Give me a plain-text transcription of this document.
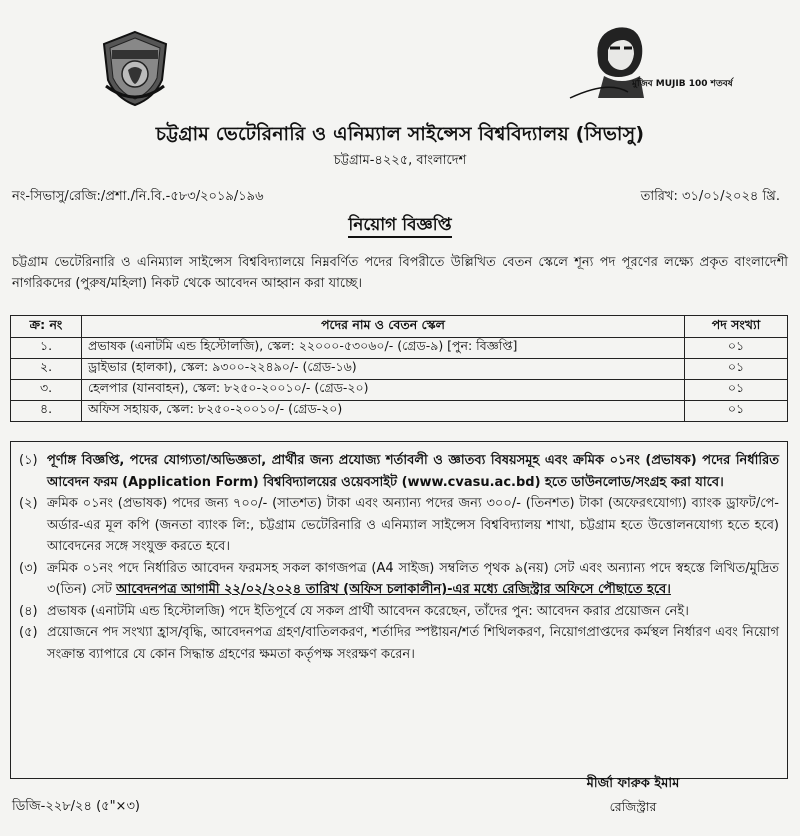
মুজিব MUJIB 100 শতবর্ষ
চট্টগ্রাম ভেটেরিনারি ও এনিম্যাল সাইন্সেস বিশ্ববিদ্যালয় (সিভাসু)
চট্টগ্রাম-৪২২৫, বাংলাদেশ
নং-সিভাসু/রেজি:/প্রশা./নি.বি.-৫৮৩/২০১৯/১৯৬	তারিখ: ৩১/০১/২০২৪ খ্রি.
নিয়োগ বিজ্ঞপ্তি
চট্টগ্রাম ভেটেরিনারি ও এনিম্যাল সাইন্সেস বিশ্ববিদ্যালয়ে নিম্নবর্ণিত পদের বিপরীতে উল্লিখিত বেতন স্কেলে শূন্য পদ পূরণের লক্ষ্যে প্রকৃত বাংলাদেশী নাগরিকদের (পুরুষ/মহিলা) নিকট থেকে আবেদন আহ্বান করা যাচ্ছে।
ক্র: নং	পদের নাম ও বেতন স্কেল	পদ সংখ্যা
১.	প্রভাষক (এনাটমি এন্ড হিস্টোলজি), স্কেল: ২২০০০-৫৩০৬০/- (গ্রেড-৯) [পুন: বিজ্ঞপ্তি]	০১
২.	ড্রাইভার (হালকা), স্কেল: ৯৩০০-২২৪৯০/- (গ্রেড-১৬)	০১
৩.	হেলপার (যানবাহন), স্কেল: ৮২৫০-২০০১০/- (গ্রেড-২০)	০১
৪.	অফিস সহায়ক, স্কেল: ৮২৫০-২০০১০/- (গ্রেড-২০)	০১
(১) পূর্ণাঙ্গ বিজ্ঞপ্তি, পদের যোগ্যতা/অভিজ্ঞতা, প্রার্থীর জন্য প্রযোজ্য শর্তাবলী ও জ্ঞাতব্য বিষয়সমূহ এবং ক্রমিক ০১নং (প্রভাষক) পদের নির্ধারিত আবেদন ফরম (Application Form) বিশ্ববিদ্যালয়ের ওয়েবসাইট (www.cvasu.ac.bd) হতে ডাউনলোড/সংগ্রহ করা যাবে।
(২) ক্রমিক ০১নং (প্রভাষক) পদের জন্য ৭০০/- (সাতশত) টাকা এবং অন্যান্য পদের জন্য ৩০০/- (তিনশত) টাকা (অফেরৎযোগ্য) ব্যাংক ড্রাফট/পে-অর্ডার-এর মূল কপি (জনতা ব্যাংক লি:, চট্টগ্রাম ভেটেরিনারি ও এনিম্যাল সাইন্সেস বিশ্ববিদ্যালয় শাখা, চট্টগ্রাম হতে উত্তোলনযোগ্য হতে হবে) আবেদনের সঙ্গে সংযুক্ত করতে হবে।
(৩) ক্রমিক ০১নং পদে নির্ধারিত আবেদন ফরমসহ সকল কাগজপত্র (A4 সাইজ) সম্বলিত পৃথক ৯(নয়) সেট এবং অন্যান্য পদে স্বহস্তে লিখিত/মুদ্রিত ৩(তিন) সেট আবেদনপত্র আগামী ২২/০২/২০২৪ তারিখ (অফিস চলাকালীন)-এর মধ্যে রেজিস্ট্রার অফিসে পৌছাতে হবে।
(৪) প্রভাষক (এনাটমি এন্ড হিস্টোলজি) পদে ইতিপূর্বে যে সকল প্রার্থী আবেদন করেছেন, তাঁদের পুন: আবেদন করার প্রয়োজন নেই।
(৫) প্রয়োজনে পদ সংখ্যা হ্রাস/বৃদ্ধি, আবেদনপত্র গ্রহণ/বাতিলকরণ, শর্তাদির স্পষ্টায়ন/শর্ত শিথিলকরণ, নিয়োগপ্রাপ্তদের কর্মস্থল নির্ধারণ এবং নিয়োগ সংক্রান্ত ব্যাপারে যে কোন সিদ্ধান্ত গ্রহণের ক্ষমতা কর্তৃপক্ষ সংরক্ষণ করেন।
ডিজি-২২৮/২৪ (৫"×৩)
মীর্জা ফারুক ইমাম
রেজিস্ট্রার
